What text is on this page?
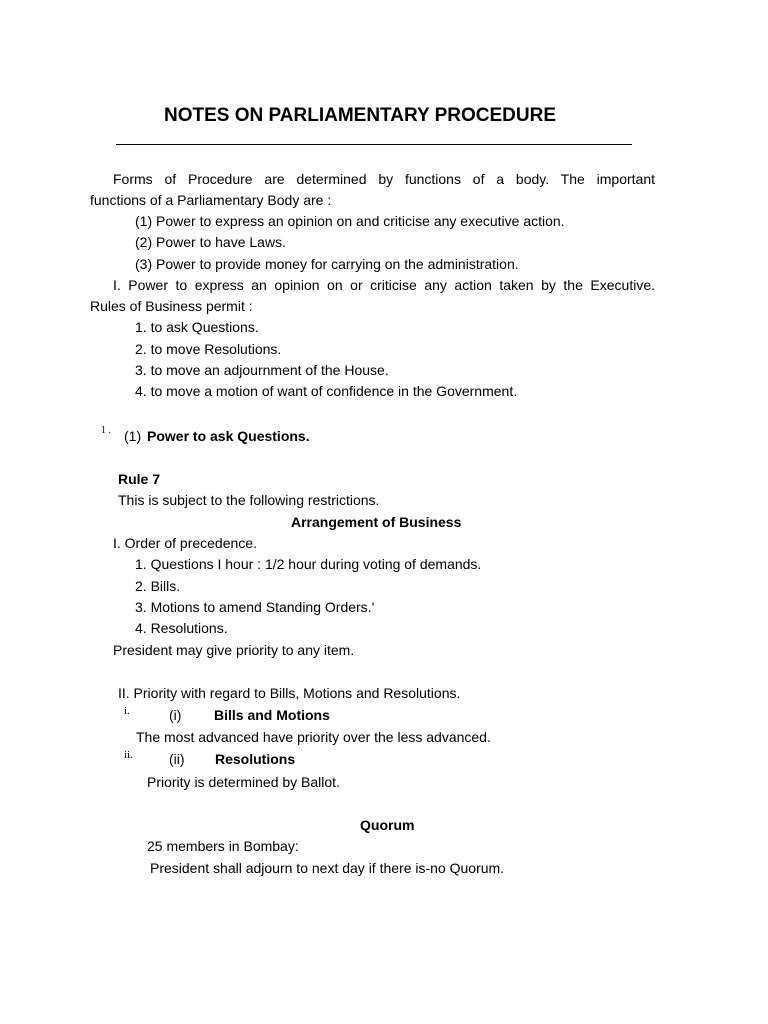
NOTES ON PARLIAMENTARY PROCEDURE
Forms of Procedure are determined by functions of a body. The important
functions of a Parliamentary Body are :
(1) Power to express an opinion on and criticise any executive action.
(2) Power to have Laws.
(3) Power to provide money for carrying on the administration.
I. Power to express an opinion on or criticise any action taken by the Executive.
Rules of Business permit :
1. to ask Questions.
2. to move Resolutions.
3. to move an adjournment of the House.
4. to move a motion of want of confidence in the Government.
1 . (1) Power to ask Questions.
Rule 7
This is subject to the following restrictions.
Arrangement of Business
I. Order of precedence.
1. Questions I hour : 1/2 hour during voting of demands.
2. Bills.
3. Motions to amend Standing Orders.'
4. Resolutions.
President may give priority to any item.
II. Priority with regard to Bills, Motions and Resolutions.
i.	(i) Bills and Motions
The most advanced have priority over the less advanced.
ii.	(ii) Resolutions
Priority is determined by Ballot.
Quorum
25 members in Bombay:
President shall adjourn to next day if there is-no Quorum.
